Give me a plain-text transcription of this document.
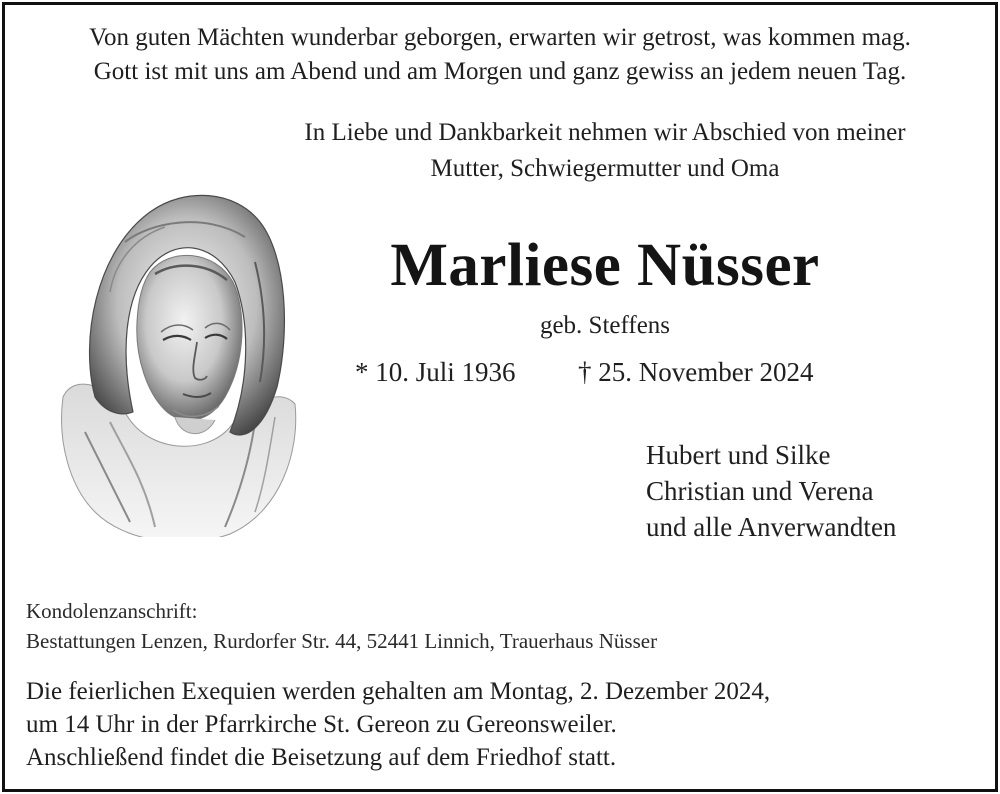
Von guten Mächten wunderbar geborgen, erwarten wir getrost, was kommen mag.
Gott ist mit uns am Abend und am Morgen und ganz gewiss an jedem neuen Tag.
In Liebe und Dankbarkeit nehmen wir Abschied von meiner
Mutter, Schwiegermutter und Oma
Marliese Nüsser
geb. Steffens
* 10. Juli 1936 † 25. November 2024
Hubert und Silke
Christian und Verena
und alle Anverwandten
Kondolenzanschrift:
Bestattungen Lenzen, Rurdorfer Str. 44, 52441 Linnich, Trauerhaus Nüsser
Die feierlichen Exequien werden gehalten am Montag, 2. Dezember 2024,
um 14 Uhr in der Pfarrkirche St. Gereon zu Gereonsweiler.
Anschließend findet die Beisetzung auf dem Friedhof statt.
